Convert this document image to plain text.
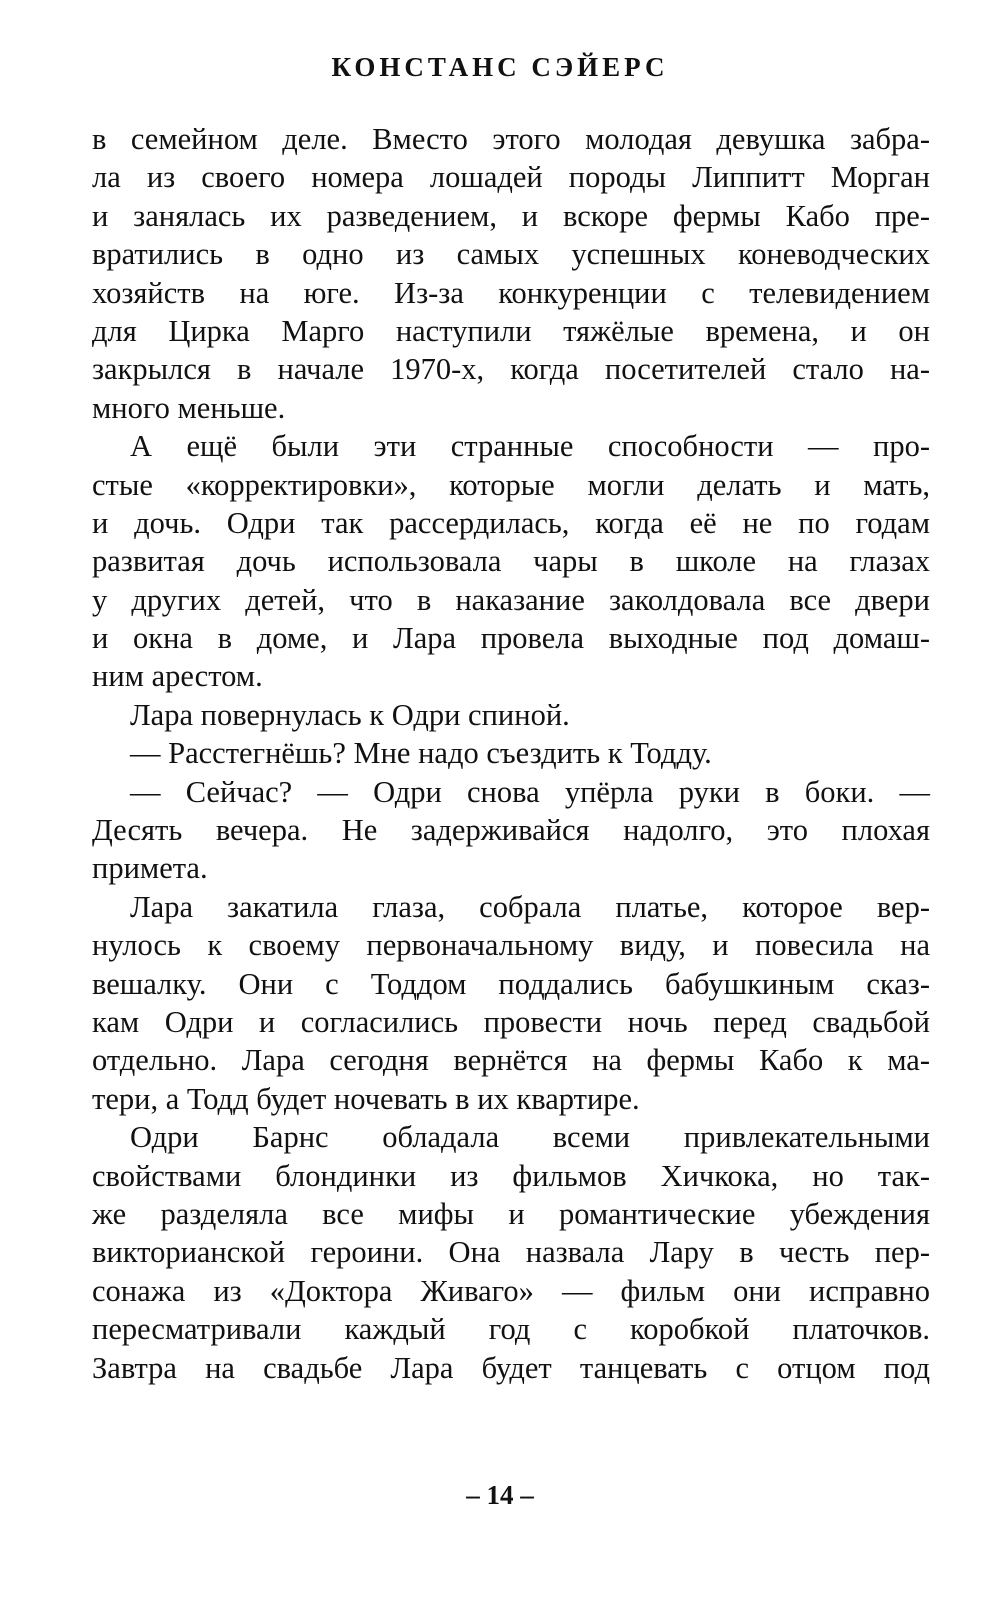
КОНСТАНС СЭЙЕРС
в семейном деле. Вместо этого молодая девушка забра-
ла из своего номера лошадей породы Липпитт Морган
и занялась их разведением, и вскоре фермы Кабо пре-
вратились в одно из самых успешных коневодческих
хозяйств на юге. Из-за конкуренции с телевидением
для Цирка Марго наступили тяжёлые времена, и он
закрылся в начале 1970-х, когда посетителей стало на-
много меньше.
А ещё были эти странные способности — про-
стые «корректировки», которые могли делать и мать,
и дочь. Одри так рассердилась, когда её не по годам
развитая дочь использовала чары в школе на глазах
у других детей, что в наказание заколдовала все двери
и окна в доме, и Лара провела выходные под домаш-
ним арестом.
Лара повернулась к Одри спиной.
— Расстегнёшь? Мне надо съездить к Тодду.
— Сейчас? — Одри снова упёрла руки в боки. —
Десять вечера. Не задерживайся надолго, это плохая
примета.
Лара закатила глаза, собрала платье, которое вер-
нулось к своему первоначальному виду, и повесила на
вешалку. Они с Тоддом поддались бабушкиным сказ-
кам Одри и согласились провести ночь перед свадьбой
отдельно. Лара сегодня вернётся на фермы Кабо к ма-
тери, а Тодд будет ночевать в их квартире.
Одри Барнс обладала всеми привлекательными
свойствами блондинки из фильмов Хичкока, но так-
же разделяла все мифы и романтические убеждения
викторианской героини. Она назвала Лару в честь пер-
сонажа из «Доктора Живаго» — фильм они исправно
пересматривали каждый год с коробкой платочков.
Завтра на свадьбе Лара будет танцевать с отцом под
– 14 –
